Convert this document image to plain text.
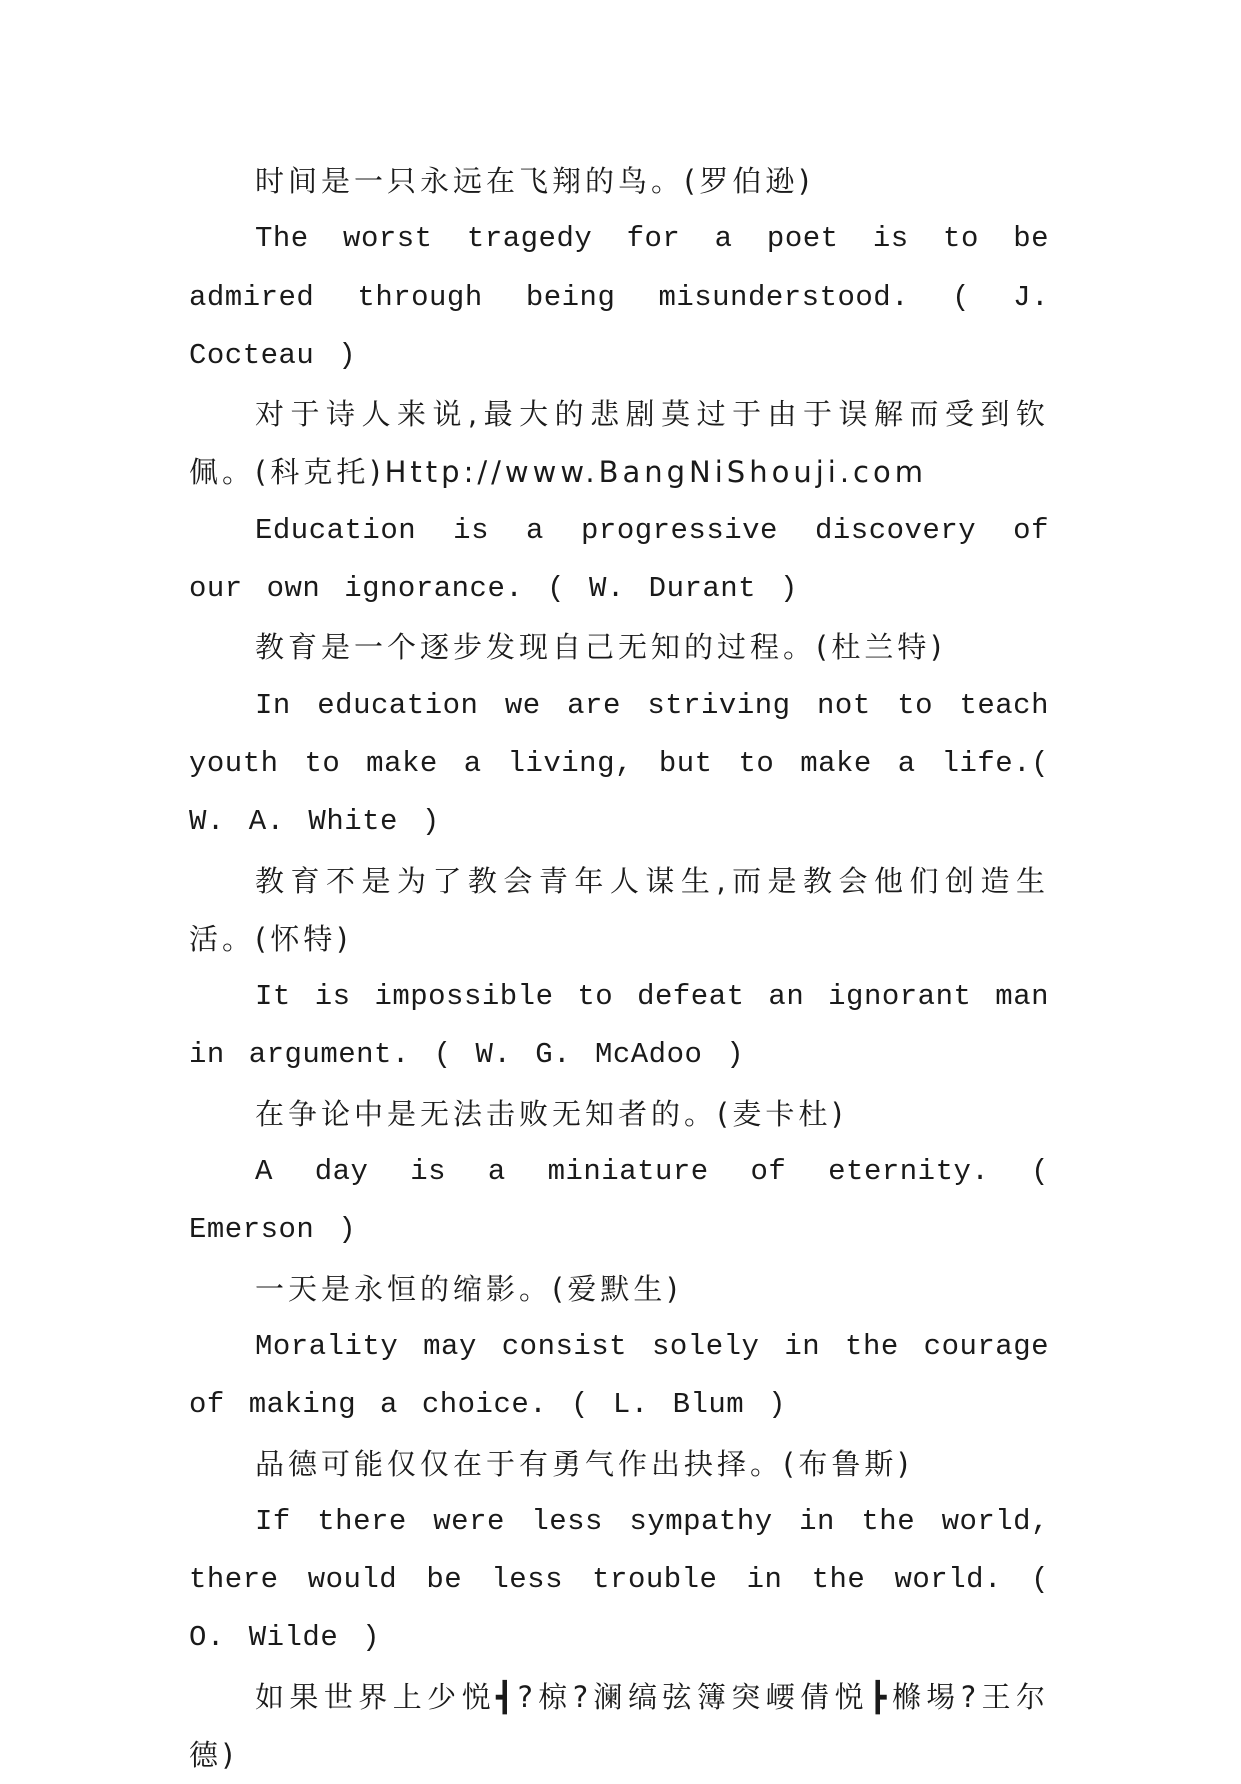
时间是一只永远在飞翔的鸟。(罗伯逊)

The worst tragedy for a poet is to be admired through being misunderstood. ( J. Cocteau )

对于诗人来说,最大的悲剧莫过于由于误解而受到钦佩。(科克托)Http://www.BangNiShouji.com

Education is a progressive discovery of our own ignorance. ( W. Durant )

教育是一个逐步发现自己无知的过程。(杜兰特)

In education we are striving not to teach youth to make a living, but to make a life.( W. A. White )

教育不是为了教会青年人谋生,而是教会他们创造生活。(怀特)

It is impossible to defeat an ignorant man in argument. ( W. G. McAdoo )

在争论中是无法击败无知者的。(麦卡杜)

A day is a miniature of eternity. ( Emerson )

一天是永恒的缩影。(爱默生)

Morality may consist solely in the courage of making a choice. ( L. Blum )

品德可能仅仅在于有勇气作出抉择。(布鲁斯)

If there were less sympathy in the world, there would be less trouble in the world. ( O. Wilde )

如果世界上少悦┫?椋?澜缟弦簿突崾倩悦┣樤埸?王尔德)
